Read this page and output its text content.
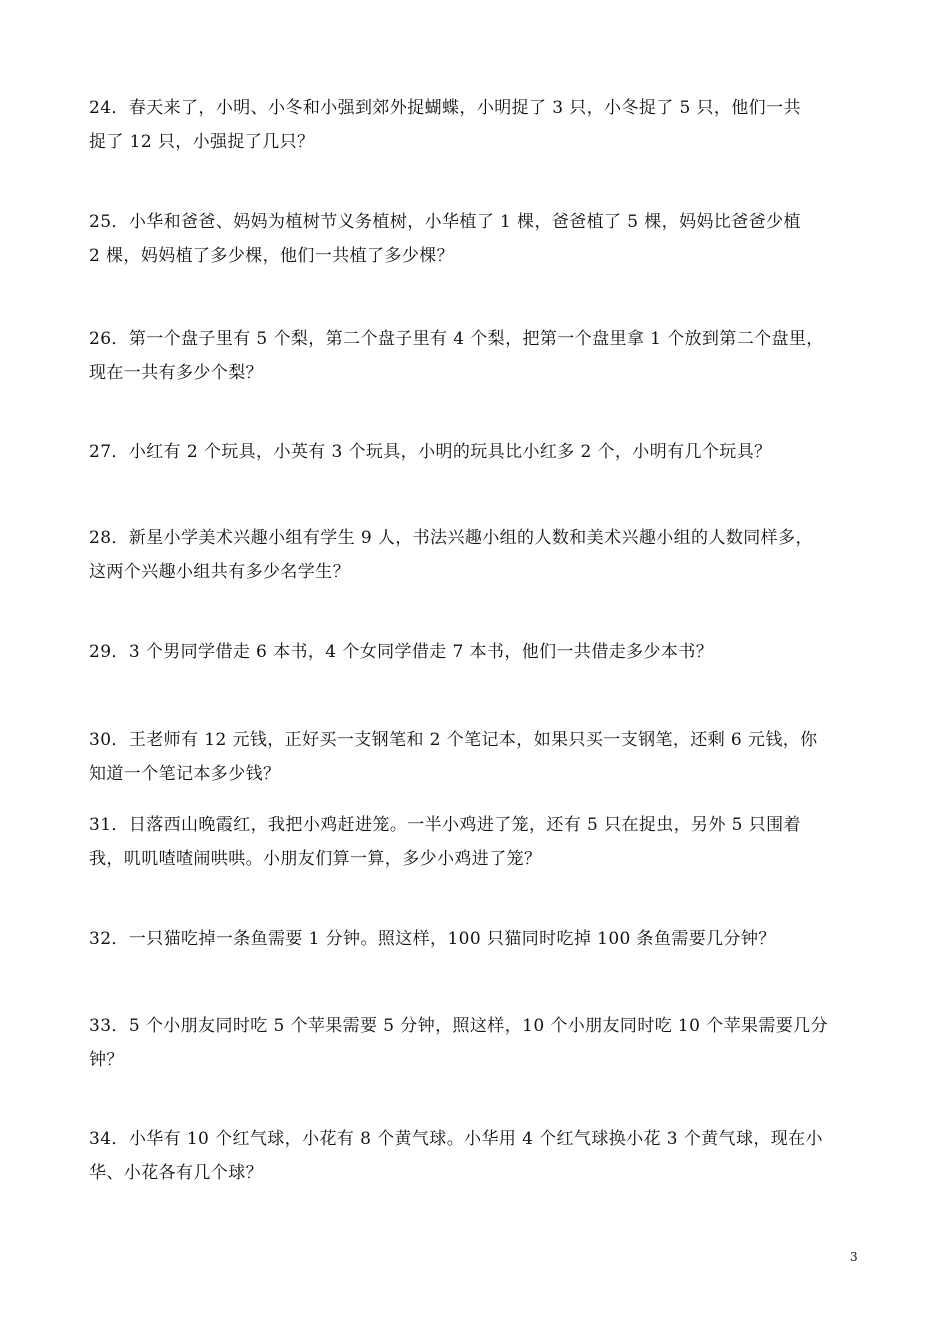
24．春天来了，小明、小冬和小强到郊外捉蝴蝶，小明捉了 3 只，小冬捉了 5 只，他们一共
捉了 12 只，小强捉了几只？
25．小华和爸爸、妈妈为植树节义务植树，小华植了 1 棵，爸爸植了 5 棵，妈妈比爸爸少植
2 棵，妈妈植了多少棵，他们一共植了多少棵？
26．第一个盘子里有 5 个梨，第二个盘子里有 4 个梨，把第一个盘里拿 1 个放到第二个盘里，
现在一共有多少个梨？
27．小红有 2 个玩具，小英有 3 个玩具，小明的玩具比小红多 2 个，小明有几个玩具？
28．新星小学美术兴趣小组有学生 9 人，书法兴趣小组的人数和美术兴趣小组的人数同样多，
这两个兴趣小组共有多少名学生？
29．3 个男同学借走 6 本书，4 个女同学借走 7 本书，他们一共借走多少本书？
30．王老师有 12 元钱，正好买一支钢笔和 2 个笔记本，如果只买一支钢笔，还剩 6 元钱，你
知道一个笔记本多少钱？
31．日落西山晚霞红，我把小鸡赶进笼。一半小鸡进了笼，还有 5 只在捉虫，另外 5 只围着
我，叽叽喳喳闹哄哄。小朋友们算一算，多少小鸡进了笼？
32．一只猫吃掉一条鱼需要 1 分钟。照这样，100 只猫同时吃掉 100 条鱼需要几分钟？
33．5 个小朋友同时吃 5 个苹果需要 5 分钟，照这样，10 个小朋友同时吃 10 个苹果需要几分
钟？
34．小华有 10 个红气球，小花有 8 个黄气球。小华用 4 个红气球换小花 3 个黄气球，现在小
华、小花各有几个球？
3
